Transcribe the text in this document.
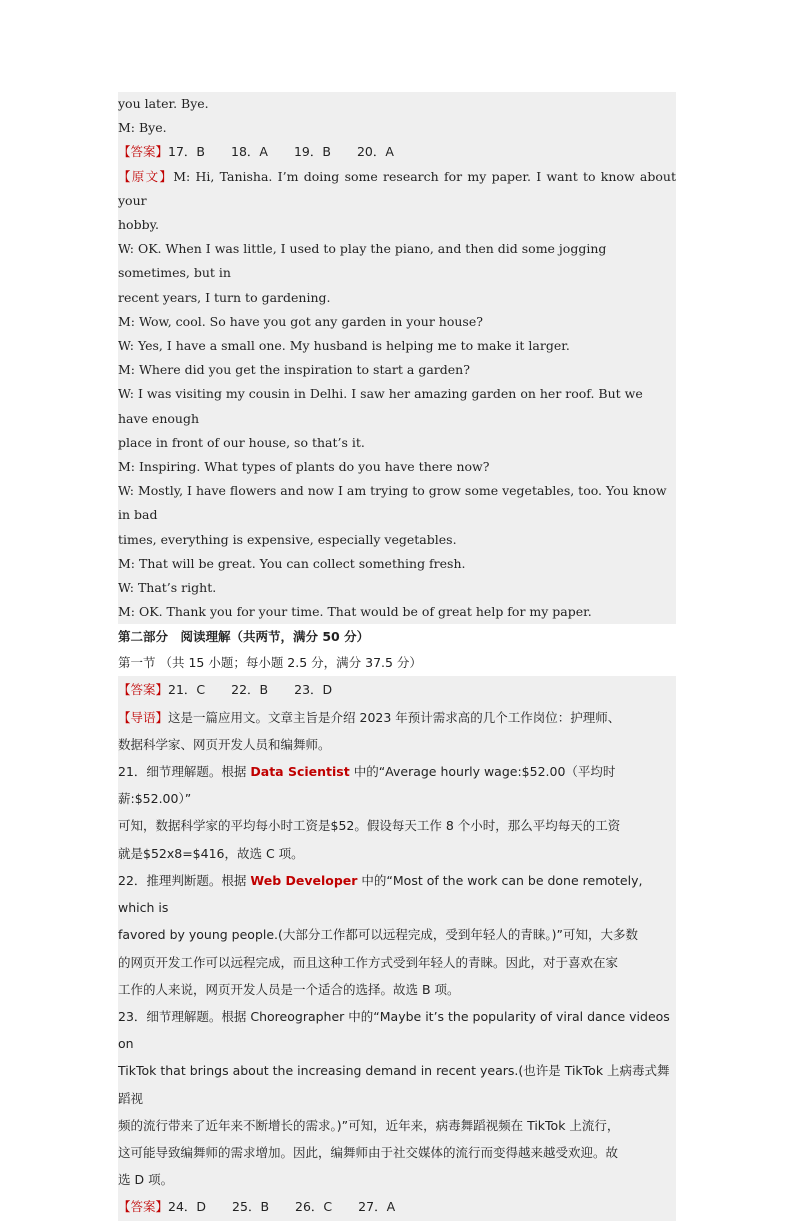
you later. Bye.

M: Bye.

【答案】17．B 18．A 19．B 20．A

【原文】M: Hi, Tanisha. I’m doing some research for my paper. I want to know about your

hobby.

W: OK. When I was little, I used to play the piano, and then did some jogging sometimes, but in

recent years, I turn to gardening.

M: Wow, cool. So have you got any garden in your house?

W: Yes, I have a small one. My husband is helping me to make it larger.

M: Where did you get the inspiration to start a garden?

W: I was visiting my cousin in Delhi. I saw her amazing garden on her roof. But we have enough

place in front of our house, so that’s it.

M: Inspiring. What types of plants do you have there now?

W: Mostly, I have flowers and now I am trying to grow some vegetables, too. You know in bad

times, everything is expensive, especially vegetables.

M: That will be great. You can collect something fresh.

W: That’s right.

M: OK. Thank you for your time. That would be of great help for my paper.

第二部分　阅读理解（共两节，满分 50 分）

第一节 （共 15 小题；每小题 2.5 分，满分 37.5 分）

【答案】21．C 22．B 23．D

【导语】这是一篇应用文。文章主旨是介绍 2023 年预计需求高的几个工作岗位：护理师、

数据科学家、网页开发人员和编舞师。

21．细节理解题。根据 Data Scientist 中的“Average hourly wage:$52.00（平均时薪:$52.00）”

可知，数据科学家的平均每小时工资是$52。假设每天工作 8 个小时，那么平均每天的工资

就是$52x8=$416，故选 C 项。

22．推理判断题。根据 Web Developer 中的“Most of the work can be done remotely, which is

favored by young people.(大部分工作都可以远程完成，受到年轻人的青睐。)”可知，大多数

的网页开发工作可以远程完成，而且这种工作方式受到年轻人的青睐。因此，对于喜欢在家

工作的人来说，网页开发人员是一个适合的选择。故选 B 项。

23．细节理解题。根据 Choreographer 中的“Maybe it’s the popularity of viral dance videos on

TikTok that brings about the increasing demand in recent years.(也许是 TikTok 上病毒式舞蹈视

频的流行带来了近年来不断增长的需求。)”可知，近年来，病毒舞蹈视频在 TikTok 上流行，

这可能导致编舞师的需求增加。因此，编舞师由于社交媒体的流行而变得越来越受欢迎。故

选 D 项。

【答案】24．D 25．B 26．C 27．A
